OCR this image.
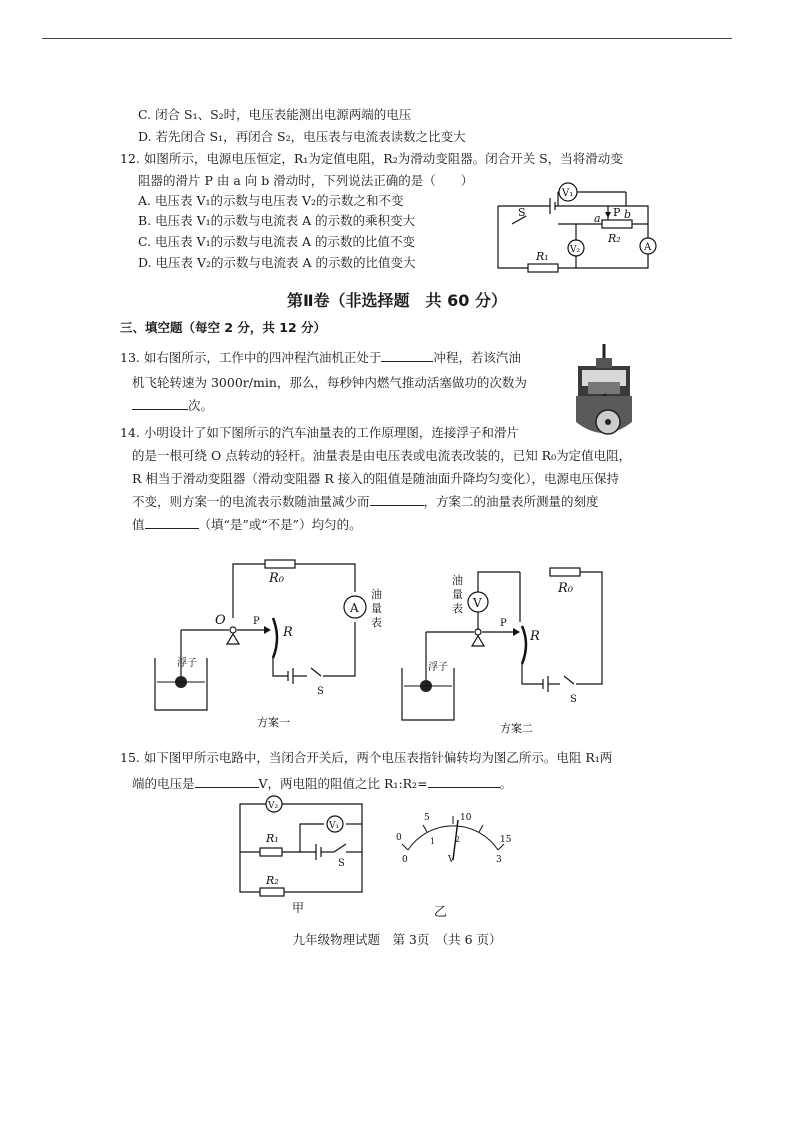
C. 闭合 S₁、S₂时，电压表能测出电源两端的电压
D. 若先闭合 S₁，再闭合 S₂，电压表与电流表读数之比变大
12. 如图所示，电源电压恒定，R₁为定值电阻，R₂为滑动变阻器。闭合开关 S，当将滑动变
阻器的滑片 P 由 a 向 b 滑动时，下列说法正确的是（　　）
A. 电压表 V₁的示数与电压表 V₂的示数之和不变
B. 电压表 V₁的示数与电流表 A 的示数的乘积变大
C. 电压表 V₁的示数与电流表 A 的示数的比值不变
D. 电压表 V₂的示数与电流表 A 的示数的比值变大
V₁
V₂	A
S	a P b
R₂
R₁
第Ⅱ卷（非选择题　共 60 分）
三、填空题（每空 2 分，共 12 分）
13. 如右图所示，工作中的四冲程汽油机正处于	冲程，若该汽油
机飞轮转速为 3000r/min，那么，每秒钟内燃气推动活塞做功的次数为
次。
14. 小明设计了如下图所示的汽车油量表的工作原理图，连接浮子和滑片
的是一根可绕 O 点转动的轻杆。油量表是由电压表或电流表改装的，已知 R₀为定值电阻，
R 相当于滑动变阻器（滑动变阻器 R 接入的阻值是随油面升降均匀变化），电源电压保持
不变，则方案一的电流表示数随油量减少而	，方案二的油量表所测量的刻度
值	（填“是”或“不是”）均匀的。
R₀
O	P
R
A
油
量
表
浮子
S
方案一
R₀
P
R
V
油
量
表
浮子
S
方案二
15. 如下图甲所示电路中，当闭合开关后，两个电压表指针偏转均为图乙所示。电阻 R₁两
端的电压是	V，两电阻的阻值之比 R₁:R₂=	。
V₂
V₁
R₁
R₂
S
甲
5	10
0	15
0
1 2
3
V
乙
九年级物理试题　第 3页　（共 6 页）
